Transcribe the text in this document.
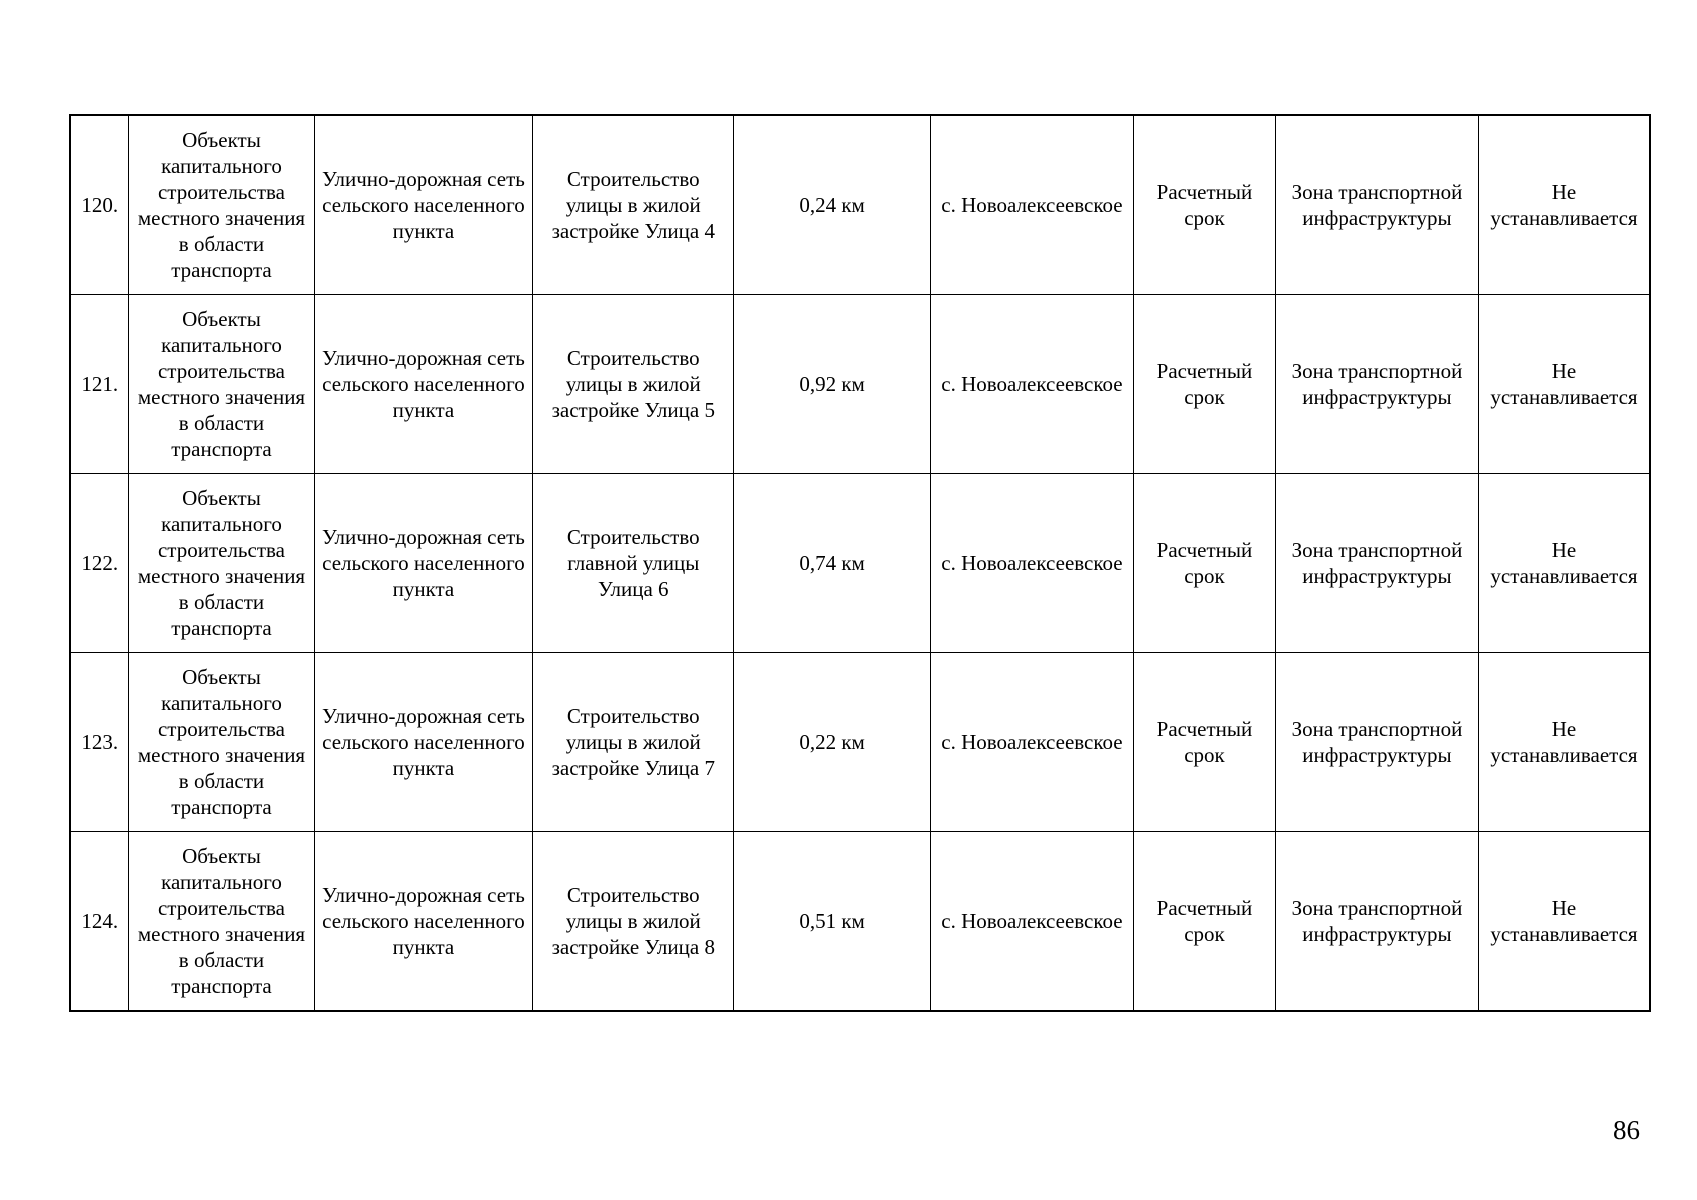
120.	Объекты капитального строительства местного значения в области транспорта	Улично-дорожная сеть сельского населенного пункта	Строительство улицы в жилой застройке Улица 4	0,24 км	с. Новоалексеевское	Расчетный срок	Зона транспортной инфраструктуры	Не устанавливается
121.	Объекты капитального строительства местного значения в области транспорта	Улично-дорожная сеть сельского населенного пункта	Строительство улицы в жилой застройке Улица 5	0,92 км	с. Новоалексеевское	Расчетный срок	Зона транспортной инфраструктуры	Не устанавливается
122.	Объекты капитального строительства местного значения в области транспорта	Улично-дорожная сеть сельского населенного пункта	Строительство главной улицы Улица 6	0,74 км	с. Новоалексеевское	Расчетный срок	Зона транспортной инфраструктуры	Не устанавливается
123.	Объекты капитального строительства местного значения в области транспорта	Улично-дорожная сеть сельского населенного пункта	Строительство улицы в жилой застройке Улица 7	0,22 км	с. Новоалексеевское	Расчетный срок	Зона транспортной инфраструктуры	Не устанавливается
124.	Объекты капитального строительства местного значения в области транспорта	Улично-дорожная сеть сельского населенного пункта	Строительство улицы в жилой застройке Улица 8	0,51 км	с. Новоалексеевское	Расчетный срок	Зона транспортной инфраструктуры	Не устанавливается
86
